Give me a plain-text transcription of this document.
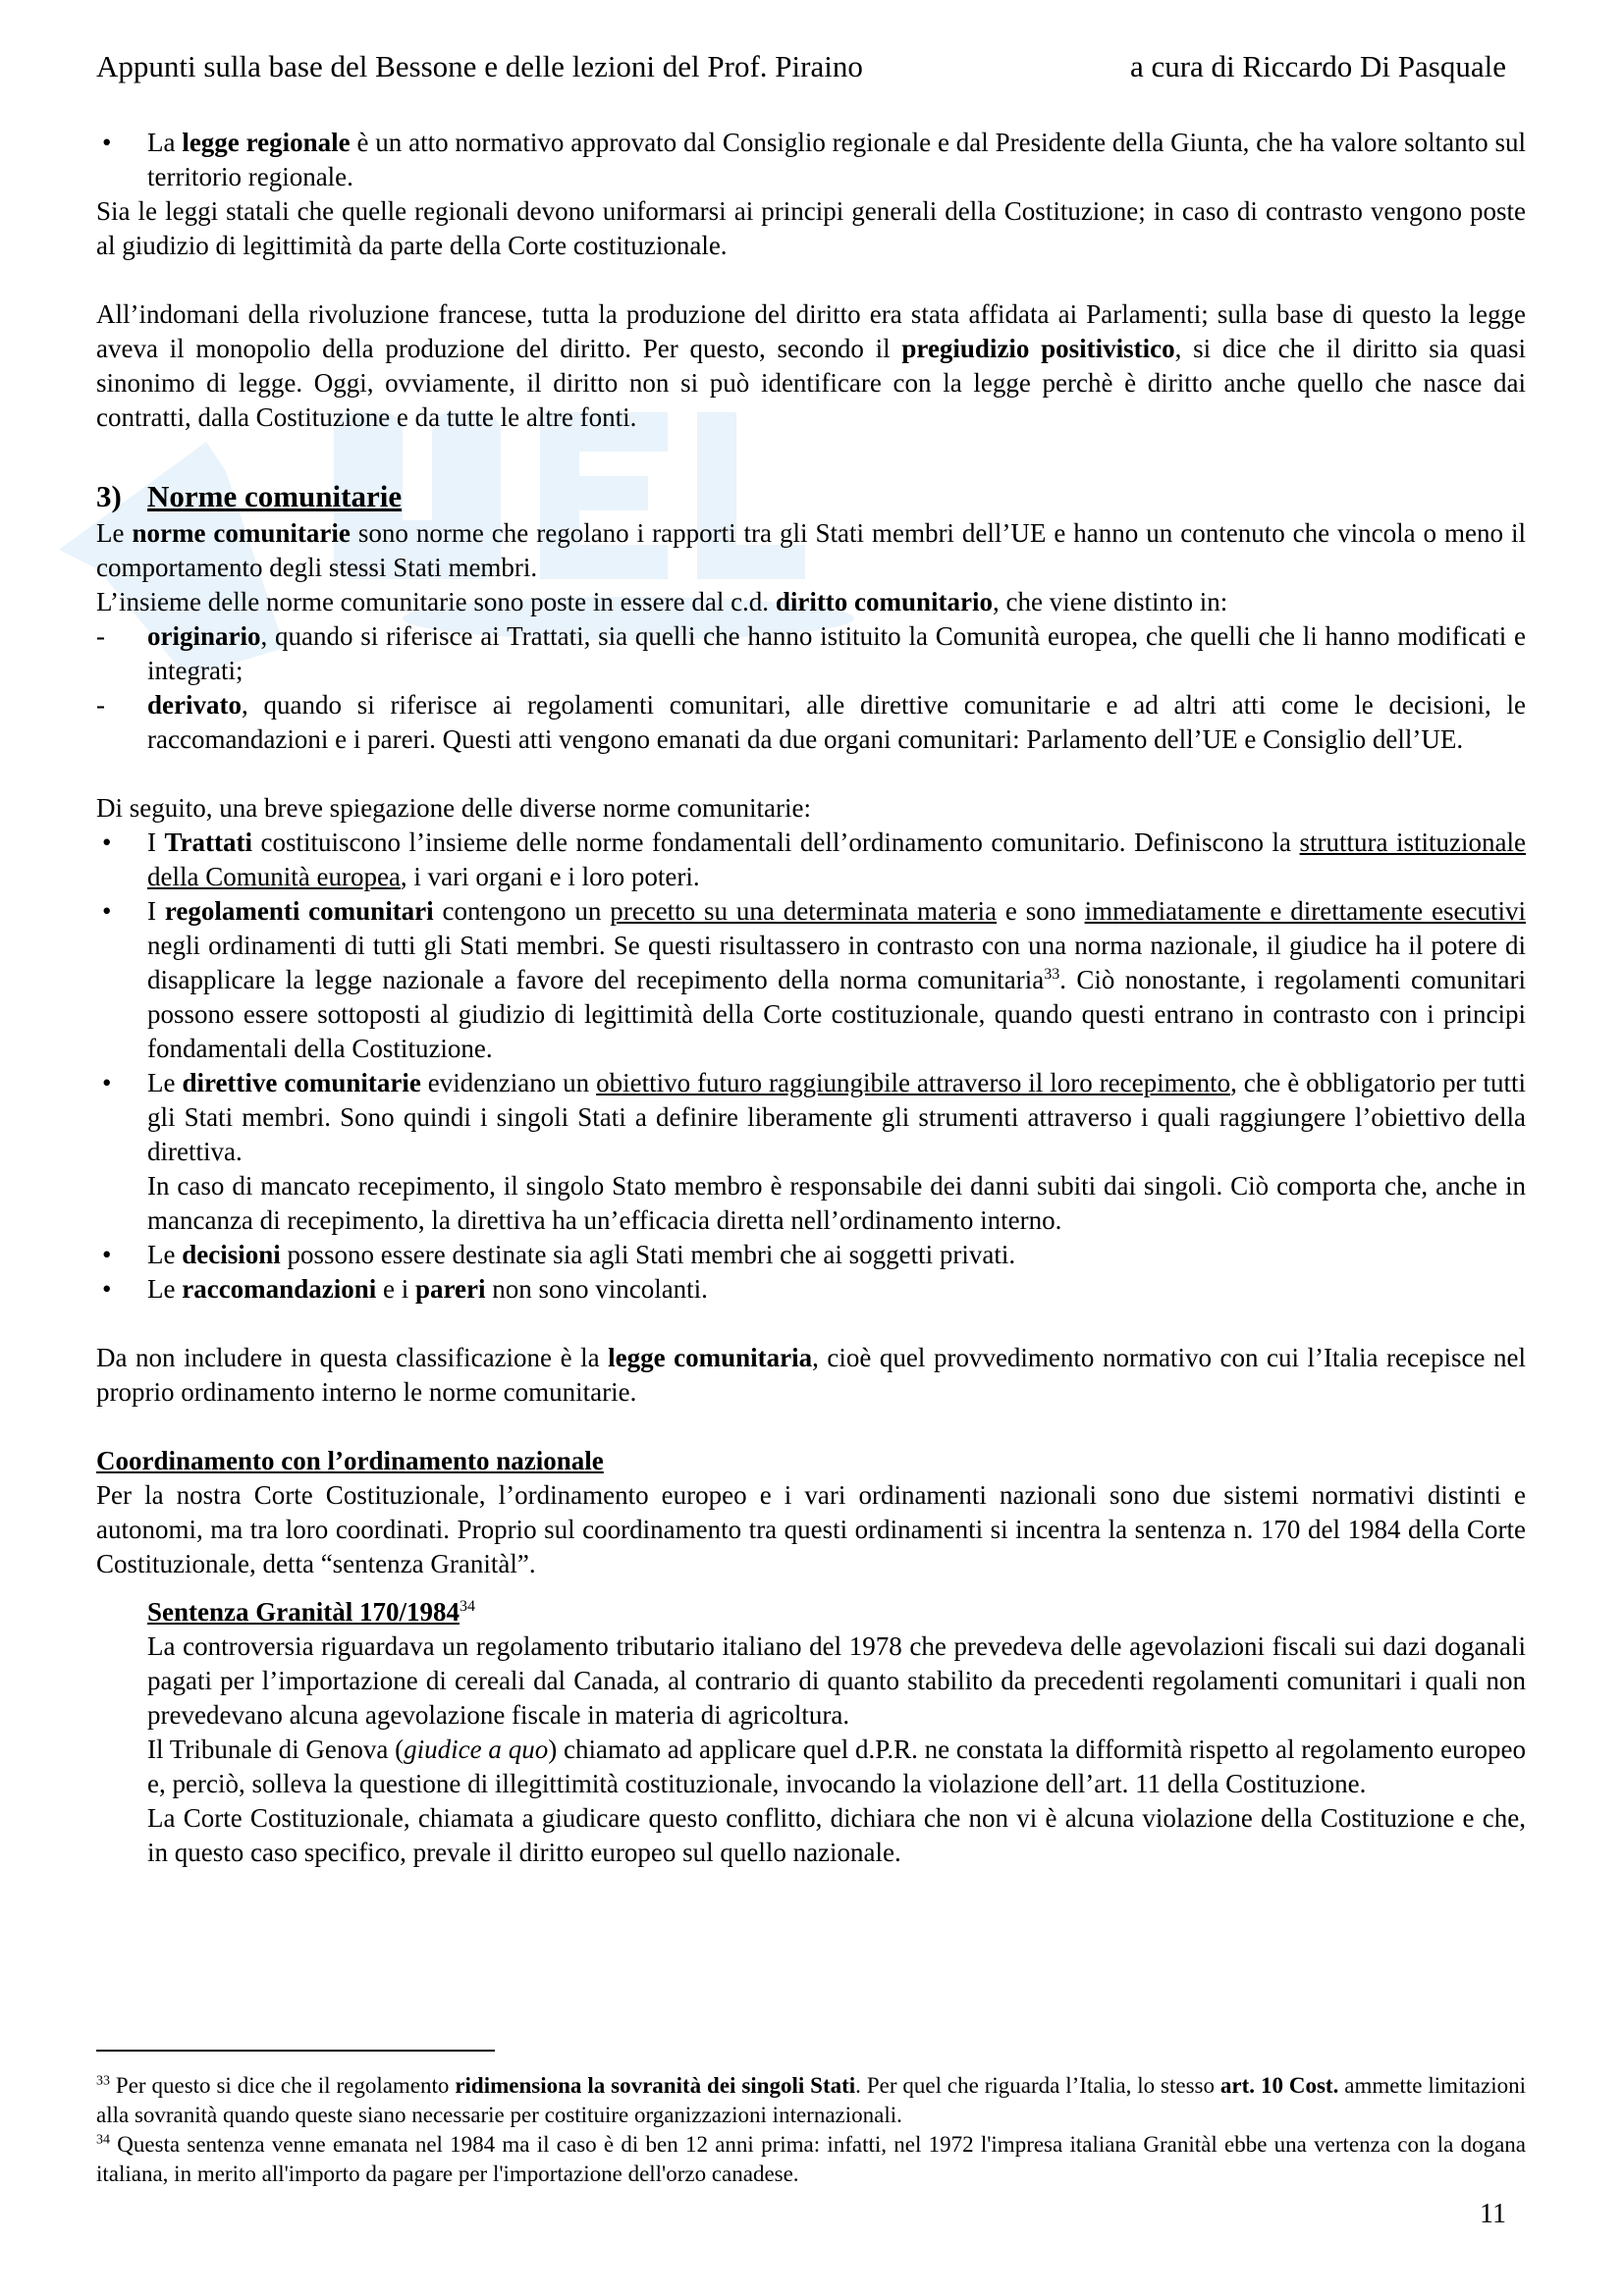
Appunti sulla base del Bessone e delle lezioni del Prof. Piraino	a cura di Riccardo Di Pasquale
• La legge regionale è un atto normativo approvato dal Consiglio regionale e dal Presidente della Giunta, che ha valore soltanto sul territorio regionale.

Sia le leggi statali che quelle regionali devono uniformarsi ai principi generali della Costituzione; in caso di contrasto vengono poste al giudizio di legittimità da parte della Corte costituzionale.

All’indomani della rivoluzione francese, tutta la produzione del diritto era stata affidata ai Parlamenti; sulla base di questo la legge aveva il monopolio della produzione del diritto. Per questo, secondo il pregiudizio positivistico, si dice che il diritto sia quasi sinonimo di legge. Oggi, ovviamente, il diritto non si può identificare con la legge perchè è diritto anche quello che nasce dai contratti, dalla Costituzione e da tutte le altre fonti.

3) Norme comunitarie

Le norme comunitarie sono norme che regolano i rapporti tra gli Stati membri dell’UE e hanno un contenuto che vincola o meno il comportamento degli stessi Stati membri.

L’insieme delle norme comunitarie sono poste in essere dal c.d. diritto comunitario, che viene distinto in:

- originario, quando si riferisce ai Trattati, sia quelli che hanno istituito la Comunità europea, che quelli che li hanno modificati e integrati;
- derivato, quando si riferisce ai regolamenti comunitari, alle direttive comunitarie e ad altri atti come le decisioni, le raccomandazioni e i pareri. Questi atti vengono emanati da due organi comunitari: Parlamento dell’UE e Consiglio dell’UE.

Di seguito, una breve spiegazione delle diverse norme comunitarie:

• I Trattati costituiscono l’insieme delle norme fondamentali dell’ordinamento comunitario. Definiscono la struttura istituzionale della Comunità europea, i vari organi e i loro poteri.
• I regolamenti comunitari contengono un precetto su una determinata materia e sono immediatamente e direttamente esecutivi negli ordinamenti di tutti gli Stati membri. Se questi risultassero in contrasto con una norma nazionale, il giudice ha il potere di disapplicare la legge nazionale a favore del recepimento della norma comunitaria$^{33}$. Ciò nonostante, i regolamenti comunitari possono essere sottoposti al giudizio di legittimità della Corte costituzionale, quando questi entrano in contrasto con i principi fondamentali della Costituzione.
• Le direttive comunitarie evidenziano un obiettivo futuro raggiungibile attraverso il loro recepimento, che è obbligatorio per tutti gli Stati membri. Sono quindi i singoli Stati a definire liberamente gli strumenti attraverso i quali raggiungere l’obiettivo della direttiva.

In caso di mancato recepimento, il singolo Stato membro è responsabile dei danni subiti dai singoli. Ciò comporta che, anche in mancanza di recepimento, la direttiva ha un’efficacia diretta nell’ordinamento interno.

• Le decisioni possono essere destinate sia agli Stati membri che ai soggetti privati.
• Le raccomandazioni e i pareri non sono vincolanti.

Da non includere in questa classificazione è la legge comunitaria, cioè quel provvedimento normativo con cui l’Italia recepisce nel proprio ordinamento interno le norme comunitarie.

Coordinamento con l’ordinamento nazionale

Per la nostra Corte Costituzionale, l’ordinamento europeo e i vari ordinamenti nazionali sono due sistemi normativi distinti e autonomi, ma tra loro coordinati. Proprio sul coordinamento tra questi ordinamenti si incentra la sentenza n. 170 del 1984 della Corte Costituzionale, detta “sentenza Granitàl”.

Sentenza Granitàl 170/1984$^{34}$

La controversia riguardava un regolamento tributario italiano del 1978 che prevedeva delle agevolazioni fiscali sui dazi doganali pagati per l’importazione di cereali dal Canada, al contrario di quanto stabilito da precedenti regolamenti comunitari i quali non prevedevano alcuna agevolazione fiscale in materia di agricoltura.

Il Tribunale di Genova (giudice a quo) chiamato ad applicare quel d.P.R. ne constata la difformità rispetto al regolamento europeo e, perciò, solleva la questione di illegittimità costituzionale, invocando la violazione dell’art. 11 della Costituzione.

La Corte Costituzionale, chiamata a giudicare questo conflitto, dichiara che non vi è alcuna violazione della Costituzione e che, in questo caso specifico, prevale il diritto europeo sul quello nazionale.

$^{33}$ Per questo si dice che il regolamento ridimensiona la sovranità dei singoli Stati. Per quel che riguarda l’Italia, lo stesso art. 10 Cost. ammette limitazioni alla sovranità quando queste siano necessarie per costituire organizzazioni internazionali.

$^{34}$ Questa sentenza venne emanata nel 1984 ma il caso è di ben 12 anni prima: infatti, nel 1972 l'impresa italiana Granitàl ebbe una vertenza con la dogana italiana, in merito all'importo da pagare per l'importazione dell'orzo canadese.

11
